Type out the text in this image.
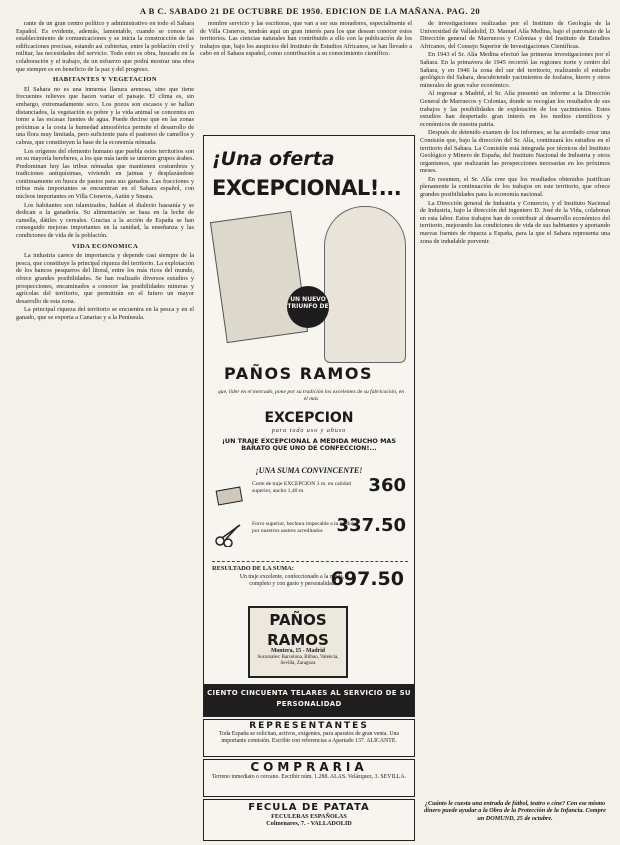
A B C. SABADO 21 DE OCTUBRE DE 1950. EDICION DE LA MAÑANA. PAG. 20

rante de un gran centro político y administrativo en todo el Sahara Español. Es evidente, además, lamentable, cuando se conoce el establecimiento de comunicaciones y se inicia la construcción de las edificaciones precisas, estando así cubiertas, entre la población civil y militar, las necesidades del servicio. Todo esto es obra, buscado en la colaboración y el trabajo, de un esfuerzo que podrá mostrar una obra que siempre es en beneficio de la paz y del progreso.

HABITANTES Y VEGETACION

El Sahara no es una inmensa llanura arenosa, sino que tiene frecuentes relieves que hacen variar el paisaje. El clima es, sin embargo, extremadamente seco. Los pozos son escasos y se hallan distanciados, la vegetación es pobre y la vida animal se concentra en torno a las escasas fuentes de agua. Puede decirse que en las zonas próximas a la costa la humedad atmosférica permite el desarrollo de una flora muy limitada, pero suficiente para el pastoreo de camellos y cabras, que constituyen la base de la economía nómada.

Los orígenes del elemento humano que puebla estos territorios son en su mayoría bereberes, a los que más tarde se unieron grupos árabes. Predominan hoy las tribus nómadas que mantienen costumbres y tradiciones antiquísimas, viviendo en jaimas y desplazándose continuamente en busca de pastos para sus ganados. Las fracciones y tribus más importantes se encuentran en el Sahara español, con núcleos importantes en Villa Cisneros, Aaiún y Smara.

Los habitantes son islamizados, hablan el dialecto hassanía y se dedican a la ganadería. Su alimentación se basa en la leche de camella, dátiles y cereales. Gracias a la acción de España se han conseguido mejoras importantes en la sanidad, la enseñanza y las condiciones de vida de la población.

VIDA ECONOMICA

La industria carece de importancia y depende casi siempre de la pesca, que constituye la principal riqueza del territorio. La explotación de los bancos pesqueros del litoral, entre los más ricos del mundo, ofrece grandes posibilidades. Se han realizado diversos estudios y prospecciones, encaminados a conocer las posibilidades mineras y agrícolas del territorio, que permitirán en el futuro un mayor desarrollo de esta zona.

La principal riqueza del territorio se encuentra en la pesca y en el ganado, que se exporta a Canarias y a la Península.

nombre servicio y las escritoras, que van a ser sus moradores, especialmente el de Villa Cisneros, tendrán aquí un gran interés para los que desean conocer estos territorios. Las ciencias naturales han contribuido a ello con la publicación de los trabajos que, bajo los auspicios del Instituto de Estudios Africanos, se han llevado a cabo en el Sahara español, como contribución a su conocimiento científico.

¡Una oferta
EXCEPCIONAL!...
UN NUEVO TRIUNFO DE
PAÑOS RAMOS
que, líder en el mercado, pone por su tradición los excelentes de su fabricación, en el más
EXCEPCION
para todo uso y abuso
¡UN TRAJE EXCEPCIONAL A MEDIDA MUCHO MAS BARATO QUE UNO DE CONFECCION!...
¡UNA SUMA CONVINCENTE!
Corte de traje EXCEPCION 3 m. en calidad superior, ancho 1,40 m.	360
Forro superior, hechura impecable a la medida por nuestros sastres acreditados 337.50
RESULTADO DE LA SUMA:
Un traje excelente, confeccionado a la moda, completo y con gusto y personalidad
697.50
PAÑOS
RAMOS
Montera, 15 - Madrid
Sucursales: Barcelona, Bilbao, Valencia, Sevilla, Zaragoza
CIENTO CINCUENTA TELARES AL SERVICIO DE SU PERSONALIDAD
REPRESENTANTES
Toda España se solicitan, activos, exigentes, para aparatos de gran venta. Una importante comisión. Escribir con referencias a Apartado 137. ALICANTE.
COMPRARIA
Terreno inmediato o cercano. Escribir núm. 1.288. ALAS. Velázquez, 3. SEVILLA.
FECULA DE PATATA
FECULERAS ESPAÑOLAS
Colmenares, 7. - VALLADOLID

de investigaciones realizadas por el Instituto de Geología de la Universidad de Valladolid, D. Manuel Alía Medina, bajo el patronato de la Dirección general de Marruecos y Colonias y del Instituto de Estudios Africanos, del Consejo Superior de Investigaciones Científicas.

En 1943 el Sr. Alía Medina efectuó las primeras investigaciones por el Sahara. En la primavera de 1945 recorrió las regiones norte y centro del Sahara, y en 1946 la zona del sur del territorio, realizando el estudio geológico del Sahara, descubriendo yacimientos de fosfatos, hierro y otros minerales de gran valor económico.

Al regresar a Madrid, el Sr. Alía presentó un informe a la Dirección General de Marruecos y Colonias, donde se recogían los resultados de sus trabajos y las posibilidades de explotación de los yacimientos. Estos estudios han despertado gran interés en los medios científicos y económicos de nuestra patria.

Después de detenido examen de los informes, se ha acordado crear una Comisión que, bajo la dirección del Sr. Alía, continuará los estudios en el territorio del Sahara. La Comisión está integrada por técnicos del Instituto Geológico y Minero de España, del Instituto Nacional de Industria y otros organismos, que realizarán las prospecciones necesarias en los próximos meses.

En resumen, el Sr. Alía cree que los resultados obtenidos justifican plenamente la continuación de los trabajos en este territorio, que ofrece grandes posibilidades para la economía nacional.

La Dirección general de Industria y Comercio, y el Instituto Nacional de Industria, bajo la dirección del ingeniero D. José de la Viña, colaboran en esta labor. Estos trabajos han de contribuir al desarrollo económico del territorio, mejorando las condiciones de vida de sus habitantes y aportando nuevas fuentes de riqueza a España, para la que el Sahara representa una zona de indudable porvenir.

¿Cuánto le cuesta una entrada de fútbol, teatro o cine? Con ese mismo dinero puede ayudar a la Obra de la Protección de la Infancia. Compre un DOMUND, 25 de octubre.
